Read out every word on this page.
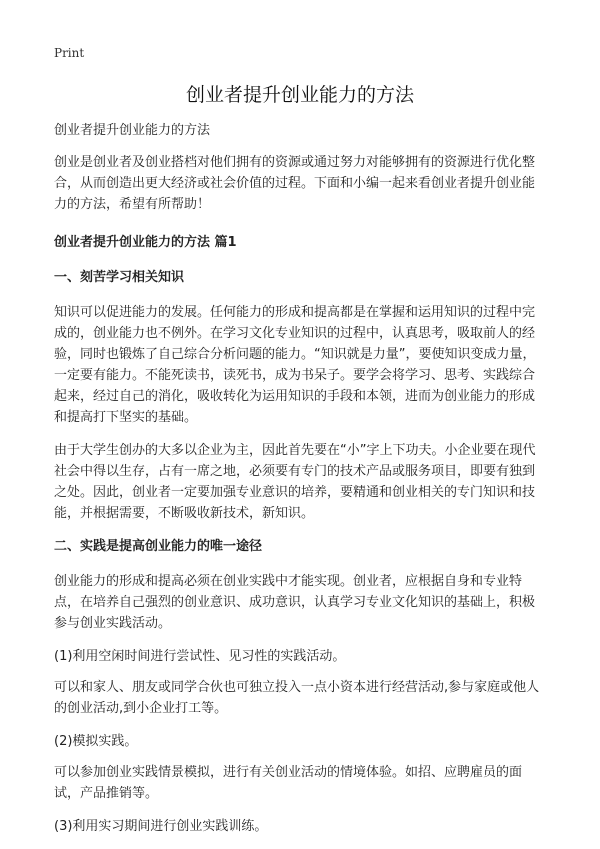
Print
创业者提升创业能力的方法

创业者提升创业能力的方法

创业是创业者及创业搭档对他们拥有的资源或通过努力对能够拥有的资源进行优化整合，从而创造出更大经济或社会价值的过程。下面和小编一起来看创业者提升创业能力的方法，希望有所帮助！

创业者提升创业能力的方法 篇1
一、刻苦学习相关知识

知识可以促进能力的发展。任何能力的形成和提高都是在掌握和运用知识的过程中完成的，创业能力也不例外。在学习文化专业知识的过程中，认真思考，吸取前人的经验，同时也锻炼了自己综合分析问题的能力。“知识就是力量”，要使知识变成力量，一定要有能力。不能死读书，读死书，成为书呆子。要学会将学习、思考、实践综合起来，经过自己的消化，吸收转化为运用知识的手段和本领，进而为创业能力的形成和提高打下坚实的基础。

由于大学生创办的大多以企业为主，因此首先要在“小”字上下功夫。小企业要在现代社会中得以生存，占有一席之地，必须要有专门的技术产品或服务项目，即要有独到之处。因此，创业者一定要加强专业意识的培养，要精通和创业相关的专门知识和技能，并根据需要，不断吸收新技术，新知识。

二、实践是提高创业能力的唯一途径

创业能力的形成和提高必须在创业实践中才能实现。创业者，应根据自身和专业特点，在培养自己强烈的创业意识、成功意识，认真学习专业文化知识的基础上，积极参与创业实践活动。

(1)利用空闲时间进行尝试性、见习性的实践活动。

可以和家人、朋友或同学合伙也可独立投入一点小资本进行经营活动,参与家庭或他人的创业活动,到小企业打工等。

(2)模拟实践。

可以参加创业实践情景模拟，进行有关创业活动的情境体验。如招、应聘雇员的面试，产品推销等。

(3)利用实习期间进行创业实践训练。
